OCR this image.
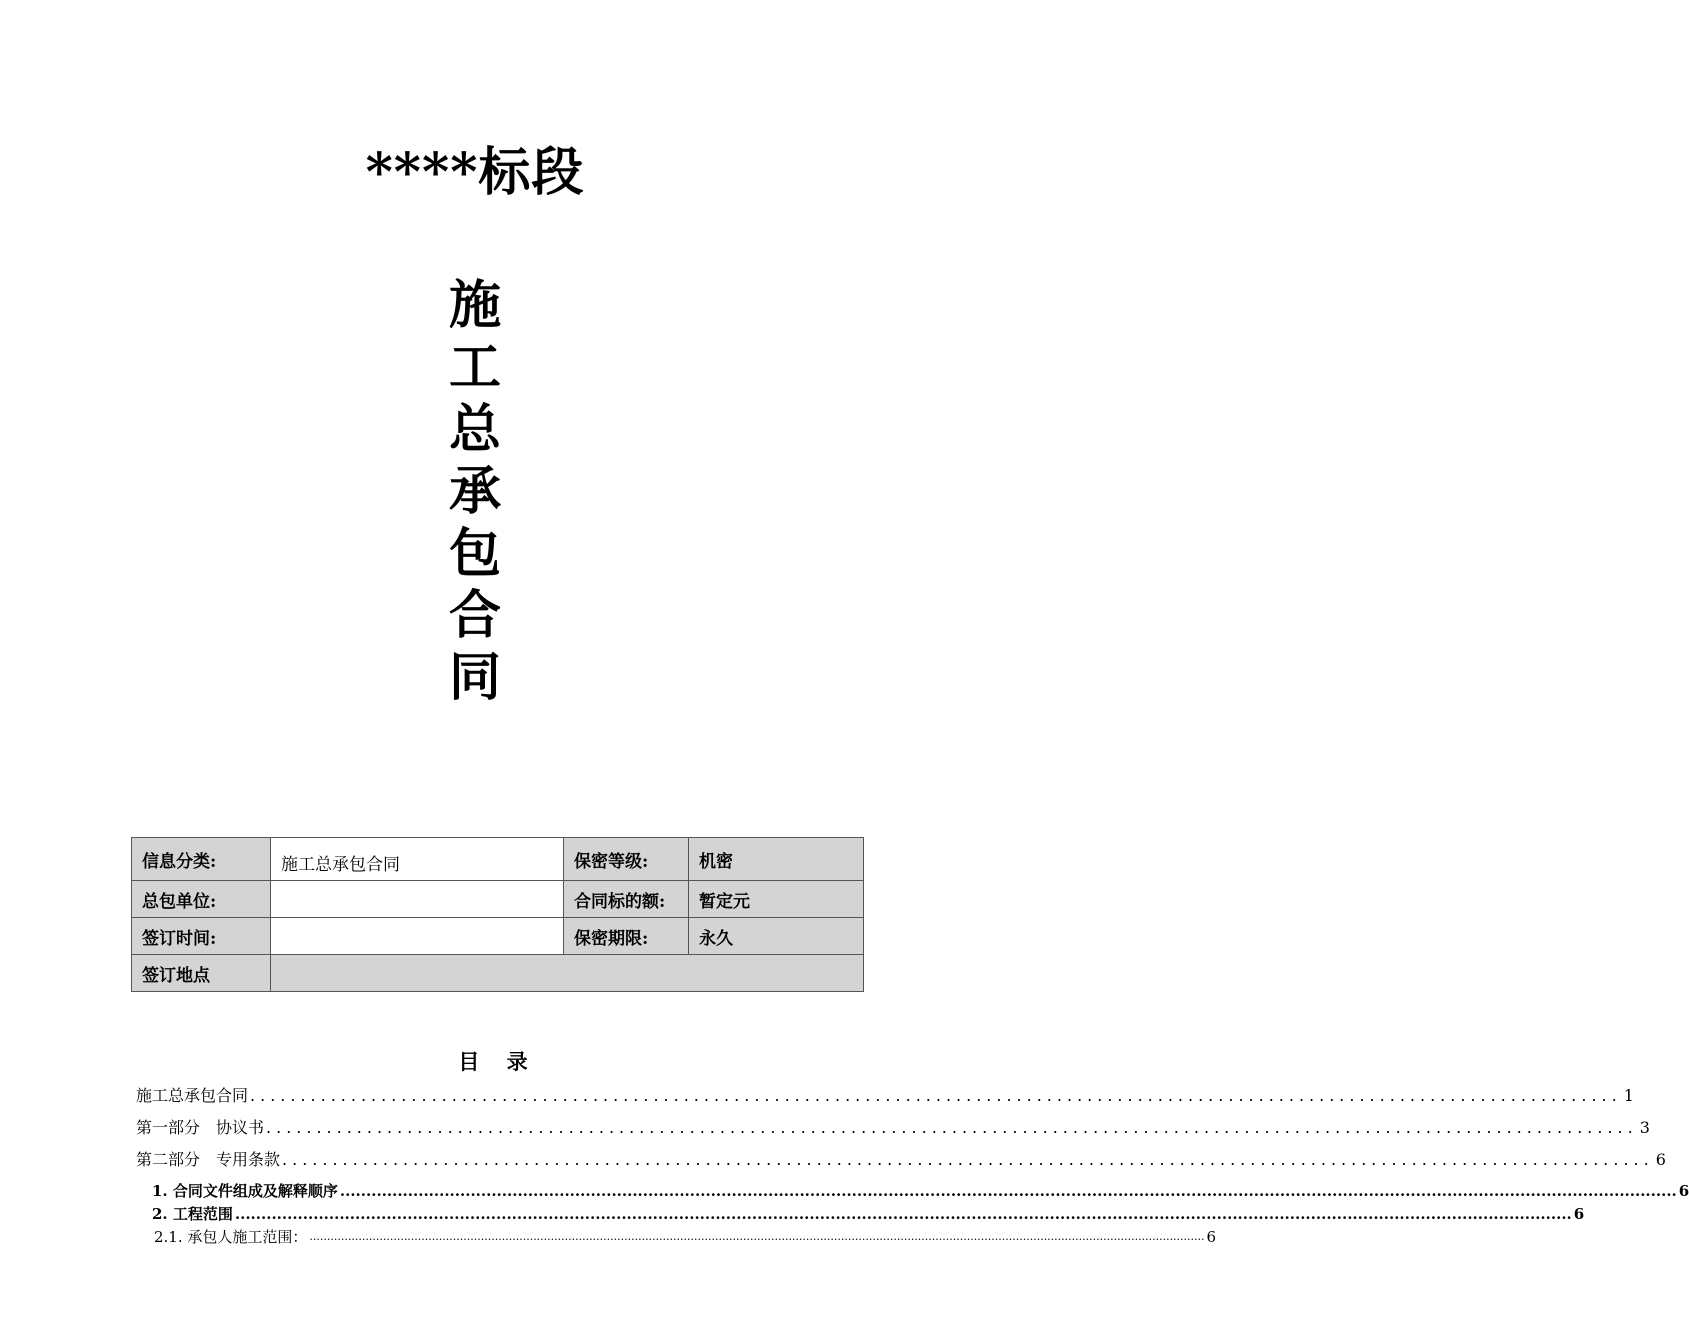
****标段
施
工
总
承
包
合
同
信息分类:	施工总承包合同	保密等级:	机密
总包单位:		合同标的额:	暂定元
签订时间:		保密期限:	永久
签订地点			
目 录
施工总承包合同 ........................................................................................................................................ 1
第一部分　协议书 ........................................................................................................................................ 3
第二部分　专用条款 ........................................................................................................................................ 6
1. 合同文件组成及解释顺序 ................................................................................................................................................................................................................................................................ 6
2. 工程范围 ................................................................................................................................................................................................................................................................ 6
2.1. 承包人施工范围： ................................................................................................................................................................................................................................................................ 6
